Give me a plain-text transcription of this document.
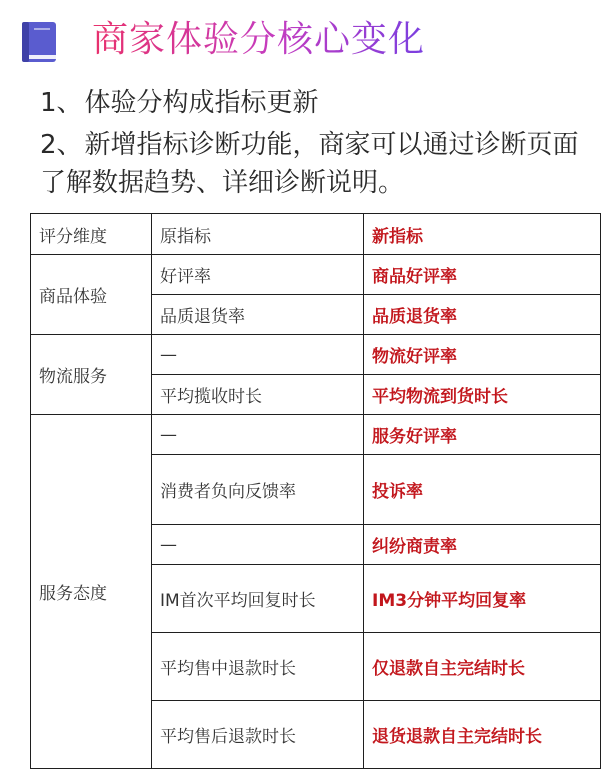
商家体验分核心变化

1、体验分构成指标更新

2、新增指标诊断功能，商家可以通过诊断页面了解数据趋势、详细诊断说明。

评分维度	原指标	新指标
商品体验	好评率	商品好评率
	品质退货率	品质退货率
物流服务	—	物流好评率
	平均揽收时长	平均物流到货时长
服务态度	—	服务好评率
	消费者负向反馈率	投诉率
	—	纠纷商责率
	IM首次平均回复时长	IM3分钟平均回复率
	平均售中退款时长	仅退款自主完结时长
	平均售后退款时长	退货退款自主完结时长
